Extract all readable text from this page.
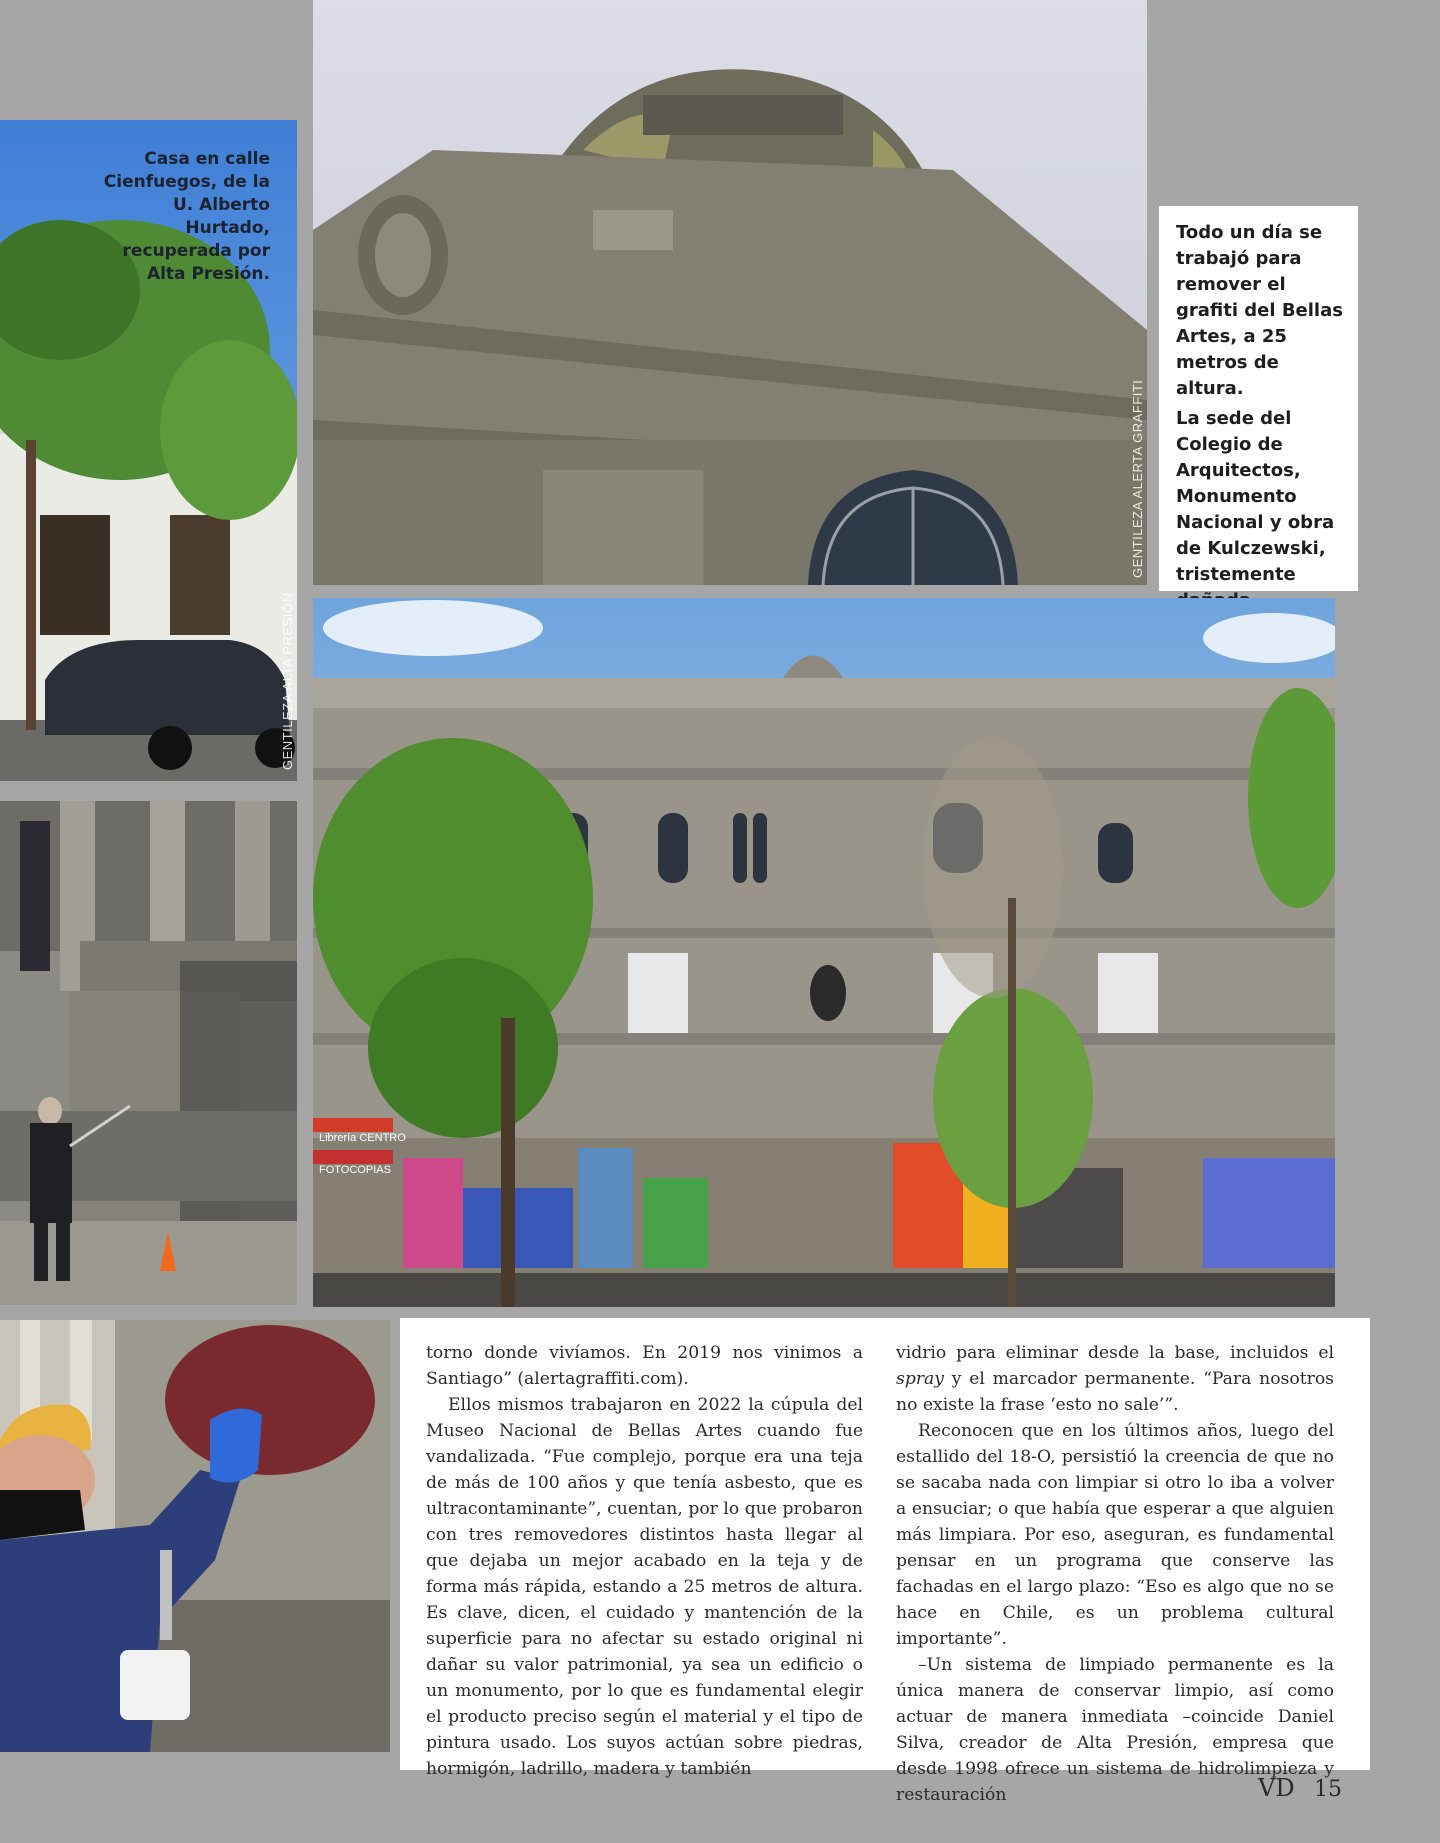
Casa en calle Cienfuegos, de la U. Alberto Hurtado, recuperada por Alta Presión.
GENTILEZA ALTA PRESIÓN
GENTILEZA ALERTA GRAFFITI

Todo un día se trabajó para remover el grafiti del Bellas Artes, a 25 metros de altura.

La sede del Colegio de Arquitectos, Monumento Nacional y obra de Kulczewski, tristemente

Librería CENTRO
FOTOCOPIAS

torno donde vivíamos. En 2019 nos vinimos a Santiago” (alertagraffiti.com).

Ellos mismos trabajaron en 2022 la cúpula del Museo Nacional de Bellas Artes cuando fue vandalizada. “Fue complejo, porque era una teja de más de 100 años y que tenía asbesto, que es ultracontaminante”, cuentan, por lo que probaron con tres removedores distintos hasta llegar al que dejaba un mejor acabado en la teja y de forma más rápida, estando a 25 metros de altura. Es clave, dicen, el cuidado y mantención de la superficie para no afectar su estado original ni dañar su valor patrimonial, ya sea un edificio o un monumento, por lo que es fundamental elegir el producto preciso según el material y el tipo de pintura usado. Los suyos actúan sobre piedras, hormigón, ladrillo, madera y también

vidrio para eliminar desde la base, incluidos el spray y el marcador permanente. “Para nosotros no existe la frase ‘esto no sale’”.

Reconocen que en los últimos años, luego del estallido del 18-O, persistió la creencia de que no se sacaba nada con limpiar si otro lo iba a volver a ensuciar; o que había que esperar a que alguien más limpiara. Por eso, aseguran, es fundamental pensar en un programa que conserve las fachadas en el largo plazo: “Eso es algo que no se hace en Chile, es un problema cultural importante”.

–Un sistema de limpiado permanente es la única manera de conservar limpio, así como actuar de manera inmediata –coincide Daniel Silva, creador de Alta Presión, empresa que desde 1998 ofrece un sistema de hidrolimpieza y restauración	VD 15
